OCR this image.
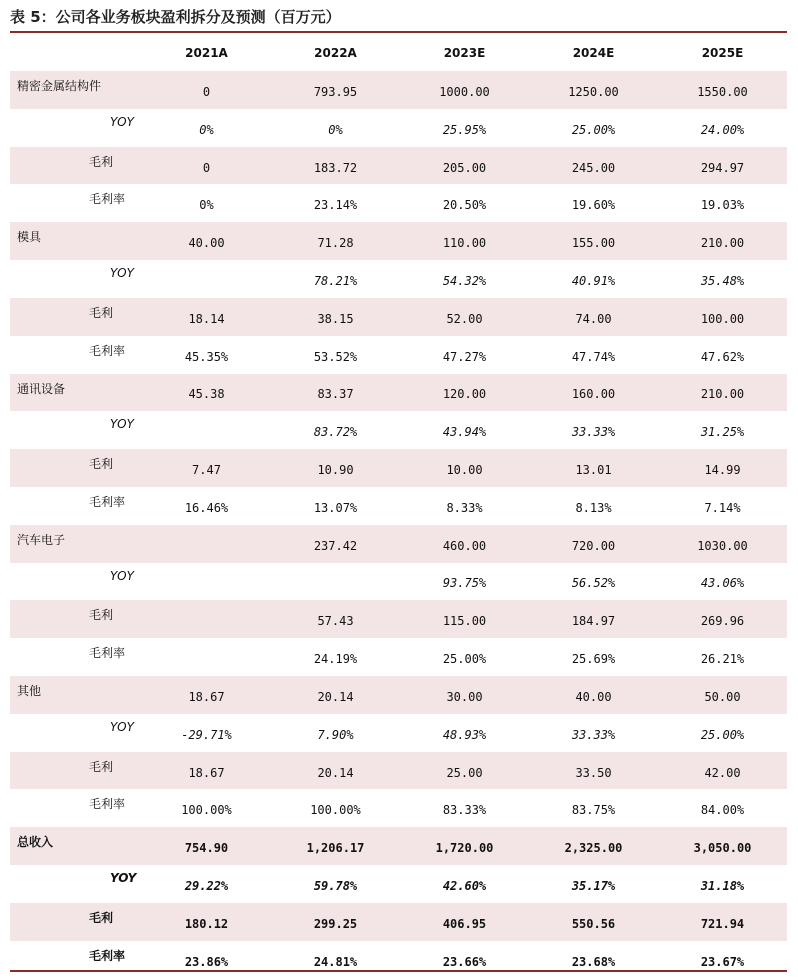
表 5：公司各业务板块盈利拆分及预测（百万元）
	2021A	2022A	2023E	2024E	2025E
精密金属结构件	0	793.95	1000.00	1250.00	1550.00
YOY	0%	0%	25.95%	25.00%	24.00%
毛利	0	183.72	205.00	245.00	294.97
毛利率	0%	23.14%	20.50%	19.60%	19.03%
模具	40.00	71.28	110.00	155.00	210.00
YOY		78.21%	54.32%	40.91%	35.48%
毛利	18.14	38.15	52.00	74.00	100.00
毛利率	45.35%	53.52%	47.27%	47.74%	47.62%
通讯设备	45.38	83.37	120.00	160.00	210.00
YOY		83.72%	43.94%	33.33%	31.25%
毛利	7.47	10.90	10.00	13.01	14.99
毛利率	16.46%	13.07%	8.33%	8.13%	7.14%
汽车电子		237.42	460.00	720.00	1030.00
YOY			93.75%	56.52%	43.06%
毛利		57.43	115.00	184.97	269.96
毛利率		24.19%	25.00%	25.69%	26.21%
其他	18.67	20.14	30.00	40.00	50.00
YOY	-29.71%	7.90%	48.93%	33.33%	25.00%
毛利	18.67	20.14	25.00	33.50	42.00
毛利率	100.00%	100.00%	83.33%	83.75%	84.00%
总收入	754.90	1,206.17	1,720.00	2,325.00	3,050.00
YOY	29.22%	59.78%	42.60%	35.17%	31.18%
毛利	180.12	299.25	406.95	550.56	721.94
毛利率	23.86%	24.81%	23.66%	23.68%	23.67%
